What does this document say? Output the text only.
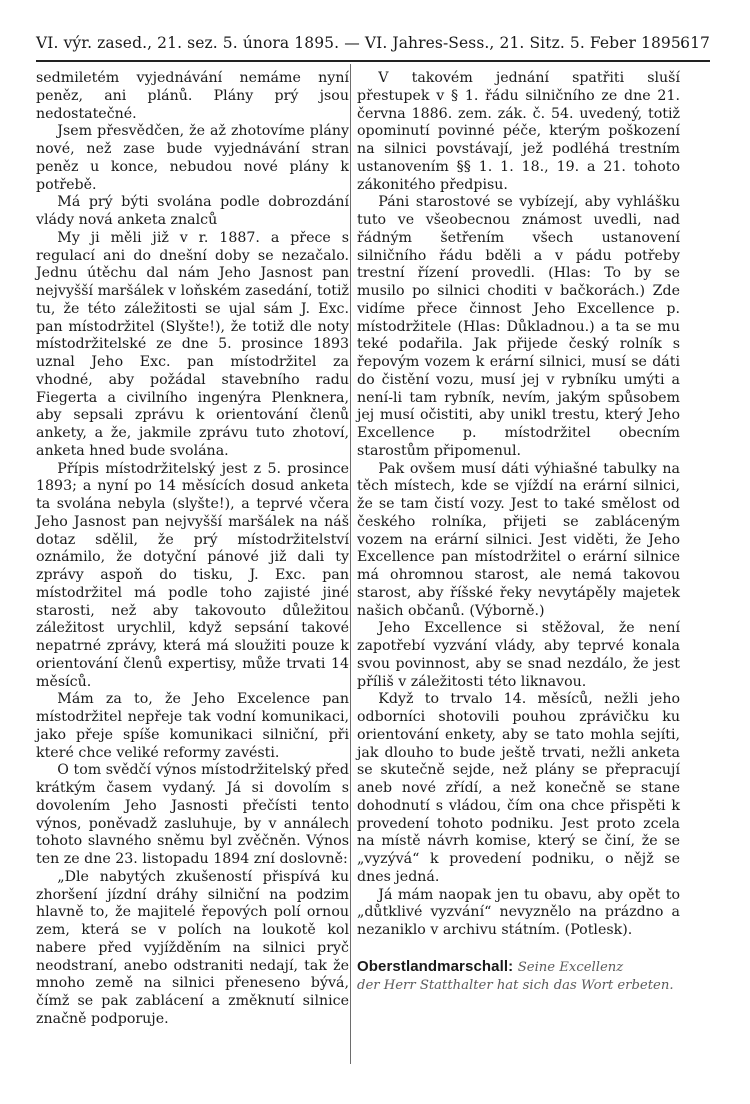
VI. výr. zased., 21. sez. 5. února 1895. — VI. Jahres-Sess., 21. Sitz. 5. Feber 1895.
617

sedmiletém vyjednávání nemáme nyní peněz, ani plánů. Plány prý jsou nedostatečné.

Jsem přesvědčen, že až zhotovíme plány nové, než zase bude vyjednávání stran peněz u konce, nebudou nové plány k potřebě.

Má prý býti svolána podle dobrozdání vlády nová anketa znalců

My ji měli již v r. 1887. a přece s regulací ani do dnešní doby se nezačalo. Jednu útěchu dal nám Jeho Jasnost pan nejvyšší maršálek v loňském zasedání, totiž tu, že této záležitosti se ujal sám J. Exc. pan místodržitel (Slyšte!), že totiž dle noty místodržitelské ze dne 5. prosince 1893 uznal Jeho Exc. pan místodržitel za vhodné, aby požádal stavebního radu Fiegerta a civilního ingenýra Plenknera, aby sepsali zprávu k orientování členů ankety, a že, jakmile zprávu tuto zhotoví, anketa hned bude svolána.

Přípis místodržitelský jest z 5. prosince 1893; a nyní po 14 měsících dosud anketa ta svolána nebyla (slyšte!), a teprvé včera Jeho Jasnost pan nejvyšší maršálek na náš dotaz sdělil, že prý místodržitelství oznámilo, že dotyční pánové již dali ty zprávy aspoň do tisku, J. Exc. pan místodržitel má podle toho zajisté jiné starosti, než aby takovouto důležitou záležitost urychlil, když sepsání takové nepatrné zprávy, která má sloužiti pouze k orientování členů expertisy, může trvati 14 měsíců.

Mám za to, že Jeho Excelence pan místodržitel nepřeje tak vodní komunikaci, jako přeje spíše komunikaci silniční, při které chce veliké reformy zavésti.

O tom svědčí výnos místodržitelský před krátkým časem vydaný. Já si dovolím s dovolením Jeho Jasnosti přečísti tento výnos, poněvadž zasluhuje, by v annálech tohoto slavného sněmu byl zvěčněn. Výnos ten ze dne 23. listopadu 1894 zní doslovně:

„Dle nabytých zkušeností přispívá ku zhoršení jízdní dráhy silniční na podzim hlavně to, že majitelé řepových polí ornou zem, která se v polích na loukotě kol nabere před vyjížděním na silnici pryč neodstraní, anebo odstraniti nedají, tak že mnoho země na silnici přeneseno bývá, čímž se pak zablácení a změknutí silnice značně podporuje.

V takovém jednání spatřiti sluší přestupek v § 1. řádu silničního ze dne 21. června 1886. zem. zák. č. 54. uvedený, totiž opominutí povinné péče, kterým poškození na silnici povstávají, jež podléhá trestním ustanovením §§ 1. 1. 18., 19. a 21. tohoto zákonitého předpisu.

Páni starostové se vybízejí, aby vyhlášku tuto ve všeobecnou známost uvedli, nad řádným šetřením všech ustanovení silničního řádu bděli a v pádu potřeby trestní řízení provedli. (Hlas: To by se musilo po silnici choditi v bačkorách.) Zde vidíme přece činnost Jeho Excellence p. místodržitele (Hlas: Důkladnou.) a ta se mu teké podařila. Jak přijede český rolník s řepovým vozem k erární silnici, musí se dáti do čistění vozu, musí jej v rybníku umýti a není-li tam rybník, nevím, jakým spůsobem jej musí očistiti, aby unikl trestu, který Jeho Excellence p. místodržitel obecním starostům připomenul.

Pak ovšem musí dáti výhiašné tabulky na těch místech, kde se vjíždí na erární silnici, že se tam čistí vozy. Jest to také smělost od českého rolníka, přijeti se zabláceným vozem na erární silnici. Jest viděti, že Jeho Excellence pan místodržitel o erární silnice má ohromnou starost, ale nemá takovou starost, aby říšské řeky nevytápěly majetek našich občanů. (Výborně.)

Jeho Excellence si stěžoval, že není zapotřebí vyzvání vlády, aby teprvé konala svou povinnost, aby se snad nezdálo, že jest příliš v záležitosti této liknavou.

Když to trvalo 14. měsíců, nežli jeho odborníci shotovili pouhou zprávičku ku orientování enkety, aby se tato mohla sejíti, jak dlouho to bude ještě trvati, nežli anketa se skutečně sejde, než plány se přepracují aneb nové zřídí, a než konečně se stane dohodnutí s vládou, čím ona chce přispěti k provedení tohoto podniku. Jest proto zcela na místě návrh komise, který se činí, že se „vyzývá“ k provedení podniku, o nějž se dnes jedná.

Já mám naopak jen tu obavu, aby opět to „důtklivé vyzvání“ nevyznělo na prázdno a nezaniklo v archivu státním. (Potlesk).

Oberstlandmarschall: Seine Excellenz

der Herr Statthalter hat sich das Wort erbeten.
